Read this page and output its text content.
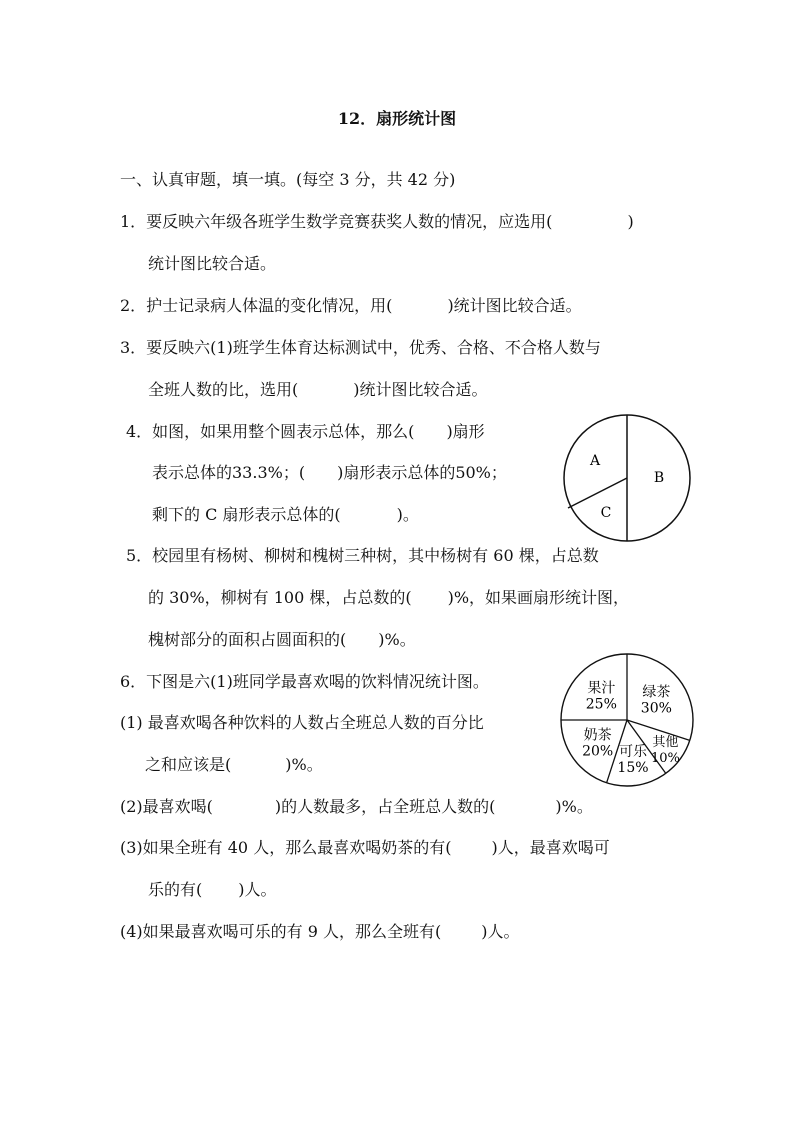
12．扇形统计图
一、认真审题，填一填。(每空 3 分，共 42 分)
1．要反映六年级各班学生数学竞赛获奖人数的情况，应选用(	)
统计图比较合适。
2．护士记录病人体温的变化情况，用(	)统计图比较合适。
3．要反映六(1)班学生体育达标测试中，优秀、合格、不合格人数与
全班人数的比，选用(	)统计图比较合适。
4．如图，如果用整个圆表示总体，那么( )扇形
表示总体的33.3%；( )扇形表示总体的50%；
剩下的 C 扇形表示总体的(	)。
A
B
C
5．校园里有杨树、柳树和槐树三种树，其中杨树有 60 棵，占总数
的 30%，柳树有 100 棵，占总数的( )%，如果画扇形统计图，
槐树部分的面积占圆面积的( )%。
6．下图是六(1)班同学最喜欢喝的饮料情况统计图。
(1) 最喜欢喝各种饮料的人数占全班总人数的百分比
之和应该是(	)%。
(2)最喜欢喝(	)的人数最多，占全班总人数的(	)%。
(3)如果全班有 40 人，那么最喜欢喝奶茶的有(	)人，最喜欢喝可
乐的有( )人。
(4)如果最喜欢喝可乐的有 9 人，那么全班有(	)人。
绿茶
30%
其他
10%
可乐
15%
奶茶
20%
果汁
25%
